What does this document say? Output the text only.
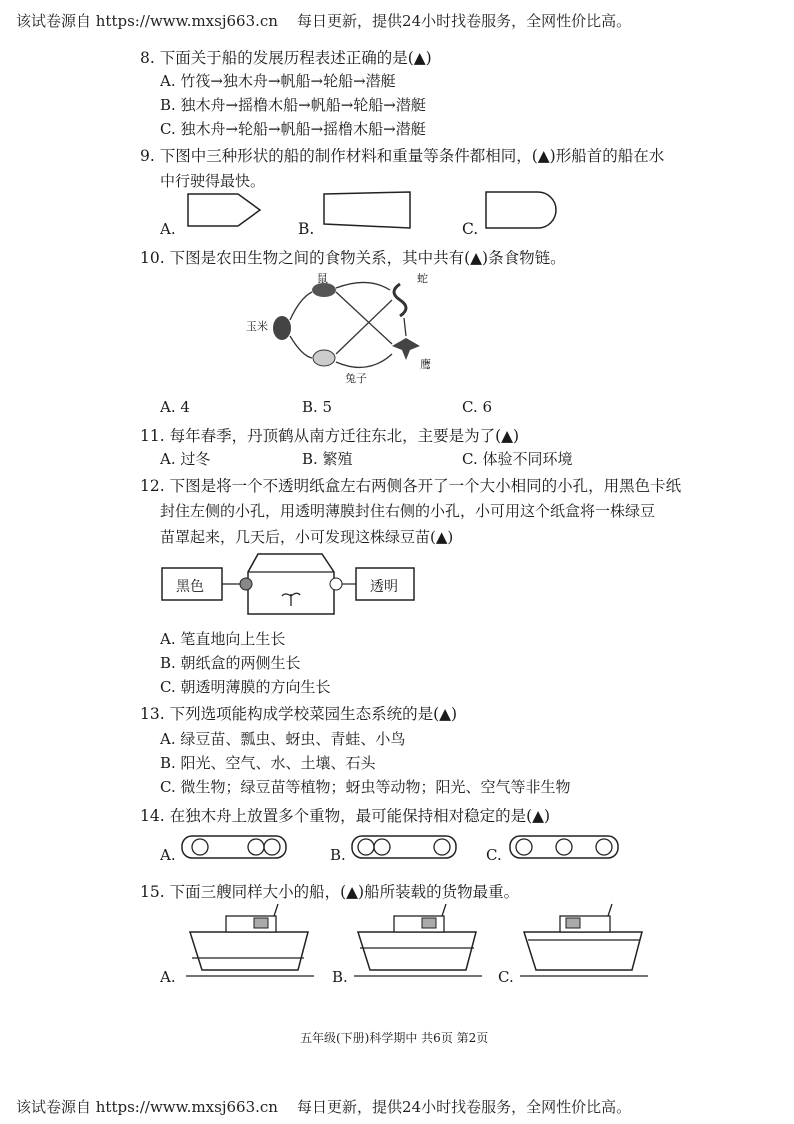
该试卷源自 https://www.mxsj663.cn 每日更新，提供24小时找卷服务，全网性价比高。
8. 下面关于船的发展历程表述正确的是(▲)
A. 竹筏→独木舟→帆船→轮船→潜艇
B. 独木舟→摇橹木船→帆船→轮船→潜艇
C. 独木舟→轮船→帆船→摇橹木船→潜艇
9. 下图中三种形状的船的制作材料和重量等条件都相同，(▲)形船首的船在水
中行驶得最快。
A.	B.	C.
10. 下图是农田生物之间的食物关系，其中共有(▲)条食物链。
鼠	蛇
玉米
兔子
鹰
A. 4	B. 5	C. 6
11. 每年春季，丹顶鹤从南方迁往东北，主要是为了(▲)
A. 过冬	B. 繁殖	C. 体验不同环境
12. 下图是将一个不透明纸盒左右两侧各开了一个大小相同的小孔，用黑色卡纸
封住左侧的小孔，用透明薄膜封住右侧的小孔，小可用这个纸盒将一株绿豆
苗罩起来，几天后，小可发现这株绿豆苗(▲)
黑色	透明
A. 笔直地向上生长
B. 朝纸盒的两侧生长
C. 朝透明薄膜的方向生长
13. 下列选项能构成学校菜园生态系统的是(▲)
A. 绿豆苗、瓢虫、蚜虫、青蛙、小鸟
B. 阳光、空气、水、土壤、石头
C. 微生物；绿豆苗等植物；蚜虫等动物；阳光、空气等非生物
14. 在独木舟上放置多个重物，最可能保持相对稳定的是(▲)
A.	B.	C.
15. 下面三艘同样大小的船，(▲)船所装载的货物最重。
A.	B.	C.
五年级(下册)科学期中 共6页 第2页
该试卷源自 https://www.mxsj663.cn 每日更新，提供24小时找卷服务，全网性价比高。
